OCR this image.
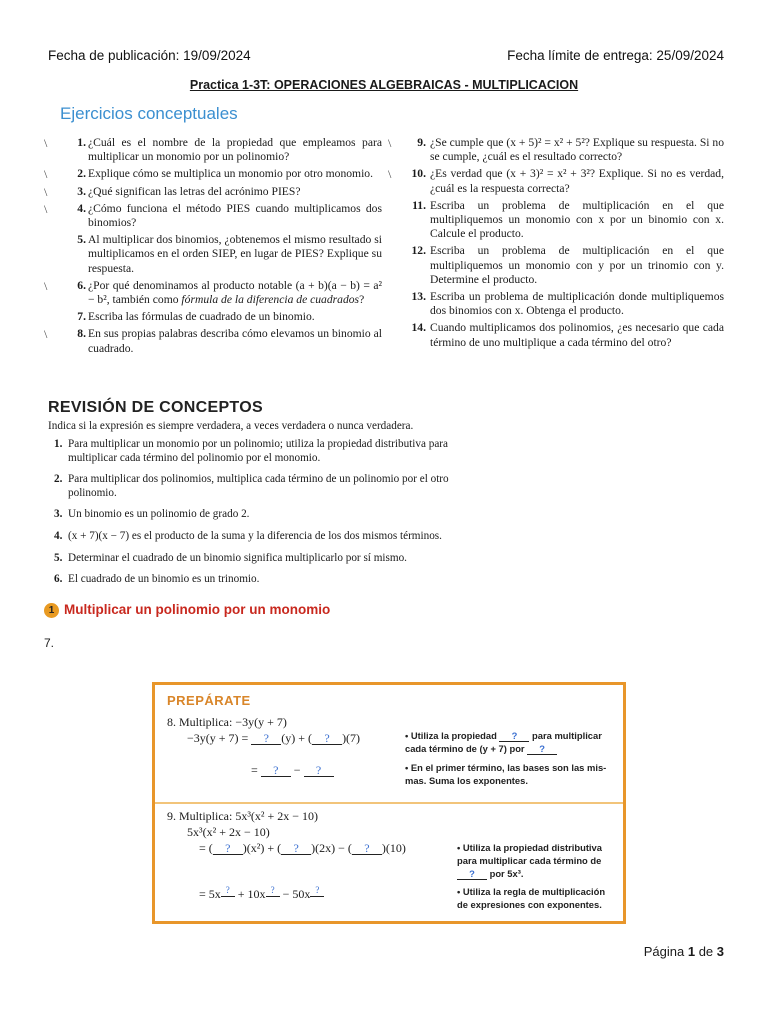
Fecha de publicación: 19/09/2024	Fecha límite de entrega: 25/09/2024
Practica 1-3T: OPERACIONES ALGEBRAICAS - MULTIPLICACION
Ejercicios conceptuales
\	1. ¿Cuál es el nombre de la propiedad que empleamos para multiplicar un monomio por un polinomio?
\	2. Explique cómo se multiplica un monomio por otro monomio.
\	3. ¿Qué significan las letras del acrónimo PIES?
\	4. ¿Cómo funciona el método PIES cuando multiplicamos dos binomios?
5. Al multiplicar dos binomios, ¿obtenemos el mismo resultado si multiplicamos en el orden SIEP, en lugar de PIES? Explique su respuesta.
\	6. ¿Por qué denominamos al producto notable (a + b)(a − b) = a² − b², también como fórmula de la diferencia de cuadrados?
7. Escriba las fórmulas de cuadrado de un binomio.
\	8. En sus propias palabras describa cómo elevamos un binomio al cuadrado.
\	9. ¿Se cumple que (x + 5)² = x² + 5²? Explique su respuesta. Si no se cumple, ¿cuál es el resultado correcto?
\	10. ¿Es verdad que (x + 3)² = x² + 3²? Explique. Si no es verdad, ¿cuál es la respuesta correcta?
11. Escriba un problema de multiplicación en el que multipliquemos un monomio con x por un binomio con x. Calcule el producto.
12. Escriba un problema de multiplicación en el que multipliquemos un monomio con y por un trinomio con y. Determine el producto.
13. Escriba un problema de multiplicación donde multipliquemos dos binomios con x. Obtenga el producto.
14. Cuando multiplicamos dos polinomios, ¿es necesario que cada término de uno multiplique a cada término del otro?
REVISIÓN DE CONCEPTOS
Indica si la expresión es siempre verdadera, a veces verdadera o nunca verdadera.
1. Para multiplicar un monomio por un polinomio; utiliza la propiedad distributiva para multiplicar cada término del polinomio por el monomio.
2. Para multiplicar dos polinomios, multiplica cada término de un polinomio por el otro polinomio.
3. Un binomio es un polinomio de grado 2.
4. (x + 7)(x − 7) es el producto de la suma y la diferencia de los dos mismos términos.
5. Determinar el cuadrado de un binomio significa multiplicarlo por sí mismo.
6. El cuadrado de un binomio es un trinomio.
1 Multiplicar un polinomio por un monomio
7.
PREPÁRATE
8. Multiplica: −3y(y + 7)
−3y(y + 7) = ? (y) + ( ? )(7)
= ? − ?
• Utiliza la propiedad ? para multiplicar
cada término de (y + 7) por ?
• En el primer término, las bases son las mis-
mas. Suma los exponentes.
9. Multiplica: 5x³(x² + 2x − 10)
5x³(x² + 2x − 10)
= ( ? )(x²) + ( ? )(2x) − ( ? )(10)
= 5x ? + 10x ? − 50x ?
• Utiliza la propiedad distributiva
para multiplicar cada término de
? por 5x³.
• Utiliza la regla de multiplicación
de expresiones con exponentes.
Página 1 de 3
